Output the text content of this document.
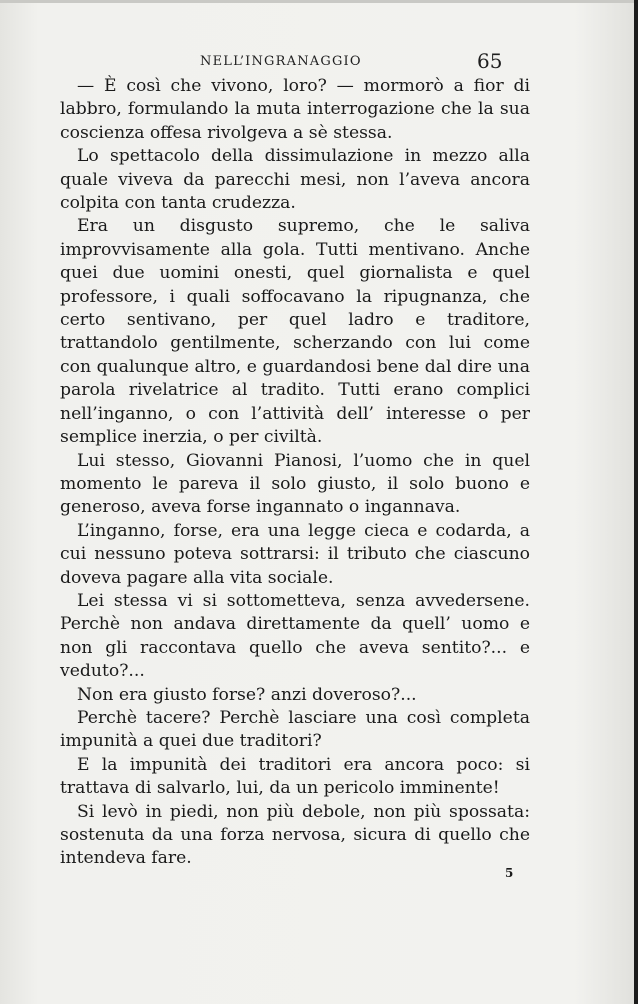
NELL’INGRANAGGIO	65

— È così che vivono, loro? — mormorò a fior di labbro, formulando la muta interrogazione che la sua coscienza offesa rivolgeva a sè stessa.

Lo spettacolo della dissimulazione in mezzo alla quale viveva da parecchi mesi, non l’aveva ancora colpita con tanta crudezza.

Era un disgusto supremo, che le saliva improvvisamente alla gola. Tutti mentivano. Anche quei due uomini onesti, quel giornalista e quel professore, i quali soffocavano la ripugnanza, che certo sentivano, per quel ladro e traditore, trattandolo gentilmente, scherzando con lui come con qualunque altro, e guardandosi bene dal dire una parola rivelatrice al tradito. Tutti erano complici nell’inganno, o con l’attività dell’ interesse o per semplice inerzia, o per civiltà.

Lui stesso, Giovanni Pianosi, l’uomo che in quel momento le pareva il solo giusto, il solo buono e generoso, aveva forse ingannato o ingannava.

L’inganno, forse, era una legge cieca e codarda, a cui nessuno poteva sottrarsi: il tributo che ciascuno doveva pagare alla vita sociale.

Lei stessa vi si sottometteva, senza avvedersene. Perchè non andava direttamente da quell’ uomo e non gli raccontava quello che aveva sentito?... e veduto?...

Non era giusto forse? anzi doveroso?...

Perchè tacere? Perchè lasciare una così completa impunità a quei due traditori?

E la impunità dei traditori era ancora poco: si trattava di salvarlo, lui, da un pericolo imminente!

Si levò in piedi, non più debole, non più spossata: sostenuta da una forza nervosa, sicura di quello che intendeva fare.

5
